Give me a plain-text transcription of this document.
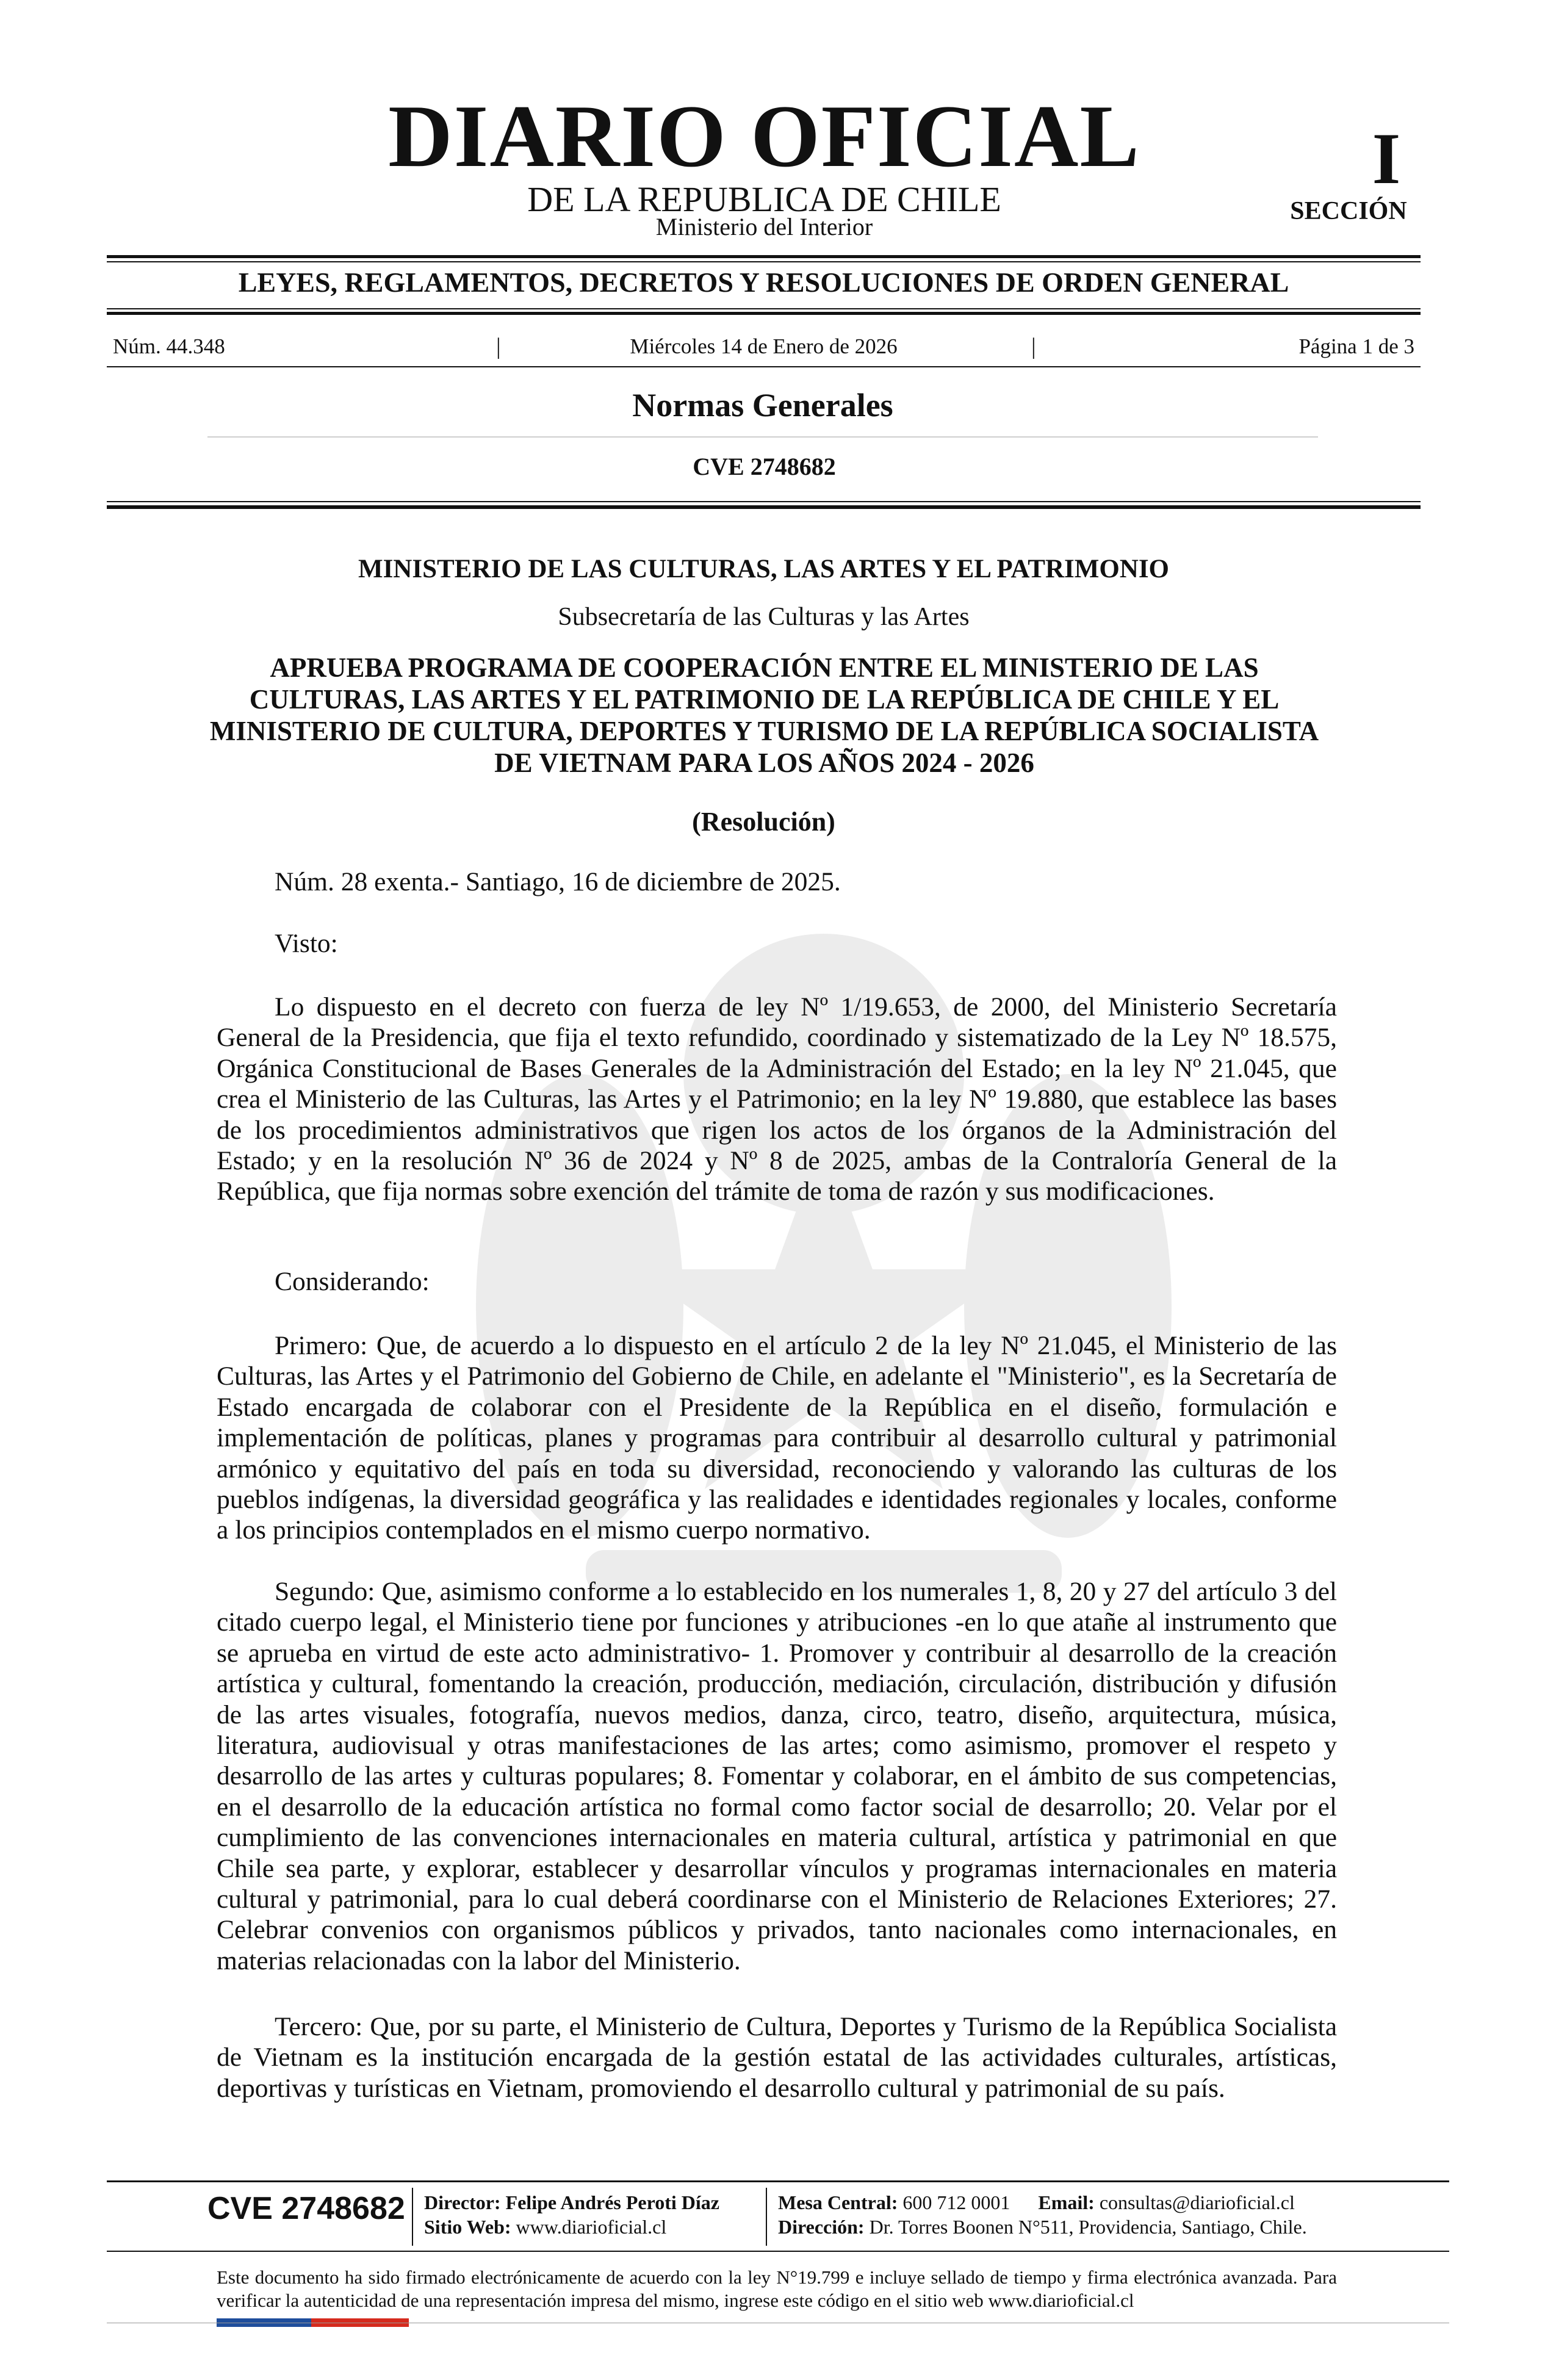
DIARIO OFICIAL
DE LA REPUBLICA DE CHILE
Ministerio del Interior
I
SECCIÓN
LEYES, REGLAMENTOS, DECRETOS Y RESOLUCIONES DE ORDEN GENERAL
Núm. 44.348	|	Miércoles 14 de Enero de 2026	|	Página 1 de 3
Normas Generales
CVE 2748682
MINISTERIO DE LAS CULTURAS, LAS ARTES Y EL PATRIMONIO
Subsecretaría de las Culturas y las Artes
APRUEBA PROGRAMA DE COOPERACIÓN ENTRE EL MINISTERIO DE LAS CULTURAS, LAS ARTES Y EL PATRIMONIO DE LA REPÚBLICA DE CHILE Y EL MINISTERIO DE CULTURA, DEPORTES Y TURISMO DE LA REPÚBLICA SOCIALISTA DE VIETNAM PARA LOS AÑOS 2024 - 2026
(Resolución)

Núm. 28 exenta.- Santiago, 16 de diciembre de 2025.

Visto:

Lo dispuesto en el decreto con fuerza de ley Nº 1/19.653, de 2000, del Ministerio Secretaría General de la Presidencia, que fija el texto refundido, coordinado y sistematizado de la Ley Nº 18.575, Orgánica Constitucional de Bases Generales de la Administración del Estado; en la ley Nº 21.045, que crea el Ministerio de las Culturas, las Artes y el Patrimonio; en la ley Nº 19.880, que establece las bases de los procedimientos administrativos que rigen los actos de los órganos de la Administración del Estado; y en la resolución Nº 36 de 2024 y Nº 8 de 2025, ambas de la Contraloría General de la República, que fija normas sobre exención del trámite de toma de razón y sus modificaciones.

Considerando:

Primero: Que, de acuerdo a lo dispuesto en el artículo 2 de la ley Nº 21.045, el Ministerio de las Culturas, las Artes y el Patrimonio del Gobierno de Chile, en adelante el "Ministerio", es la Secretaría de Estado encargada de colaborar con el Presidente de la República en el diseño, formulación e implementación de políticas, planes y programas para contribuir al desarrollo cultural y patrimonial armónico y equitativo del país en toda su diversidad, reconociendo y valorando las culturas de los pueblos indígenas, la diversidad geográfica y las realidades e identidades regionales y locales, conforme a los principios contemplados en el mismo cuerpo normativo.

Segundo: Que, asimismo conforme a lo establecido en los numerales 1, 8, 20 y 27 del artículo 3 del citado cuerpo legal, el Ministerio tiene por funciones y atribuciones -en lo que atañe al instrumento que se aprueba en virtud de este acto administrativo- 1. Promover y contribuir al desarrollo de la creación artística y cultural, fomentando la creación, producción, mediación, circulación, distribución y difusión de las artes visuales, fotografía, nuevos medios, danza, circo, teatro, diseño, arquitectura, música, literatura, audiovisual y otras manifestaciones de las artes; como asimismo, promover el respeto y desarrollo de las artes y culturas populares; 8. Fomentar y colaborar, en el ámbito de sus competencias, en el desarrollo de la educación artística no formal como factor social de desarrollo; 20. Velar por el cumplimiento de las convenciones internacionales en materia cultural, artística y patrimonial en que Chile sea parte, y explorar, establecer y desarrollar vínculos y programas internacionales en materia cultural y patrimonial, para lo cual deberá coordinarse con el Ministerio de Relaciones Exteriores; 27. Celebrar convenios con organismos públicos y privados, tanto nacionales como internacionales, en materias relacionadas con la labor del Ministerio.

Tercero: Que, por su parte, el Ministerio de Cultura, Deportes y Turismo de la República Socialista de Vietnam es la institución encargada de la gestión estatal de las actividades culturales, artísticas, deportivas y turísticas en Vietnam, promoviendo el desarrollo cultural y patrimonial de su país.

CVE 2748682 Director: Felipe Andrés Peroti Díaz
Sitio Web: www.diarioficial.cl
Mesa Central: 600 712 0001 Email: consultas@diarioficial.cl
Dirección: Dr. Torres Boonen N°511, Providencia, Santiago, Chile.
Este documento ha sido firmado electrónicamente de acuerdo con la ley N°19.799 e incluye sellado de tiempo y firma electrónica avanzada. Para verificar la autenticidad de una representación impresa del mismo, ingrese este código en el sitio web www.diarioficial.cl
